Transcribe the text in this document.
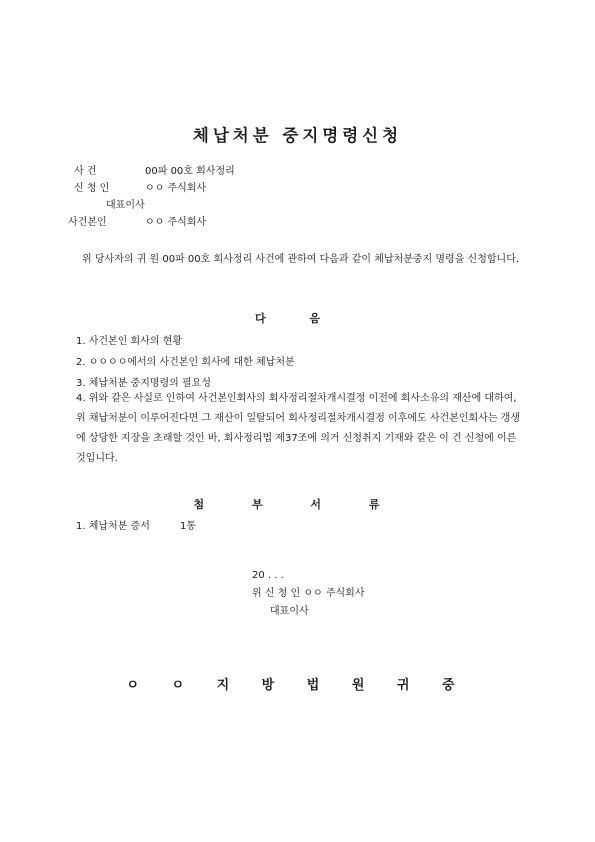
체납처분 중지명령신청
사 건	00파 00호 회사정리
신 청 인	ㅇㅇ 주식회사
대표이사
사건본인	ㅇㅇ 주식회사
위 당사자의 귀 원 00파 00호 회사정리 사건에 관하여 다음과 같이 체납처분중지 명령을 신청합니다.
다 음
1. 사건본인 회사의 현황
2. ㅇㅇㅇㅇ에서의 사건본인 회사에 대한 체납처분
3. 체납처분 중지명령의 필요성
4. 위와 같은 사실로 인하여 사건본인회사의 회사정리절차개시결정 이전에 회사소유의 재산에 대하여, 위 채납처분이 이루어진다면 그 재산이 일탈되어 회사정리절차개시결정 이후에도 사건본인회사는 갱생에 상당한 지장을 초래할 것인 바, 회사정리법 제37조에 의거 신청취지 기재와 같은 이 건 신청에 이른 것입니다.
첨 부 서 류
1. 체납처분 증서	1통
20 . . .
위 신 청 인 ㅇㅇ 주식회사
대표이사
ㅇ ㅇ 지 방 법 원 귀 중
